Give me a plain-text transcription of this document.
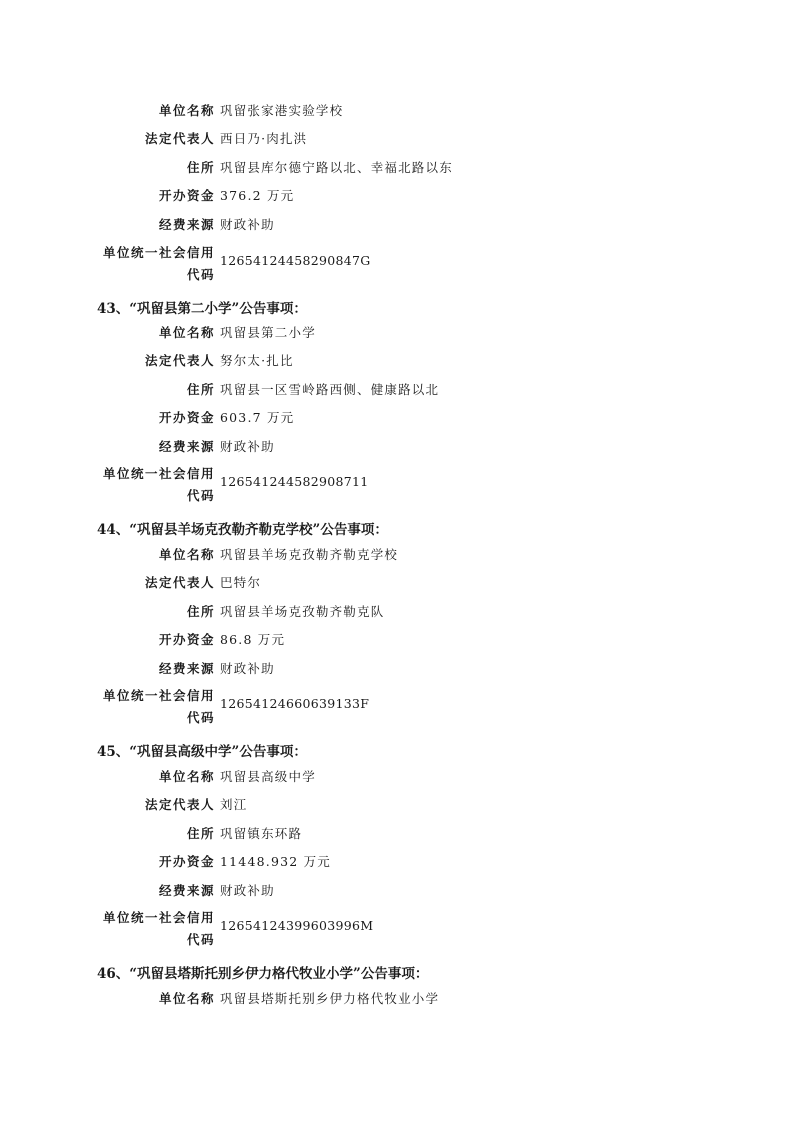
单位名称 巩留张家港实验学校
法定代表人 西日乃·肉扎洪
住所 巩留县库尔德宁路以北、幸福北路以东
开办资金 376.2 万元
经费来源 财政补助
单位统一社会信用
代码
12654124458290847G
43、“巩留县第二小学”公告事项：
单位名称 巩留县第二小学
法定代表人 努尔太·扎比
住所 巩留县一区雪岭路西侧、健康路以北
开办资金 603.7 万元
经费来源 财政补助
单位统一社会信用
代码
126541244582908711
44、“巩留县羊场克孜勒齐勒克学校”公告事项：
单位名称 巩留县羊场克孜勒齐勒克学校
法定代表人 巴特尔
住所 巩留县羊场克孜勒齐勒克队
开办资金 86.8 万元
经费来源 财政补助
单位统一社会信用
代码
12654124660639133F
45、“巩留县高级中学”公告事项：
单位名称 巩留县高级中学
法定代表人 刘江
住所 巩留镇东环路
开办资金 11448.932 万元
经费来源 财政补助
单位统一社会信用
代码
12654124399603996M
46、“巩留县塔斯托别乡伊力格代牧业小学”公告事项：
单位名称 巩留县塔斯托别乡伊力格代牧业小学
